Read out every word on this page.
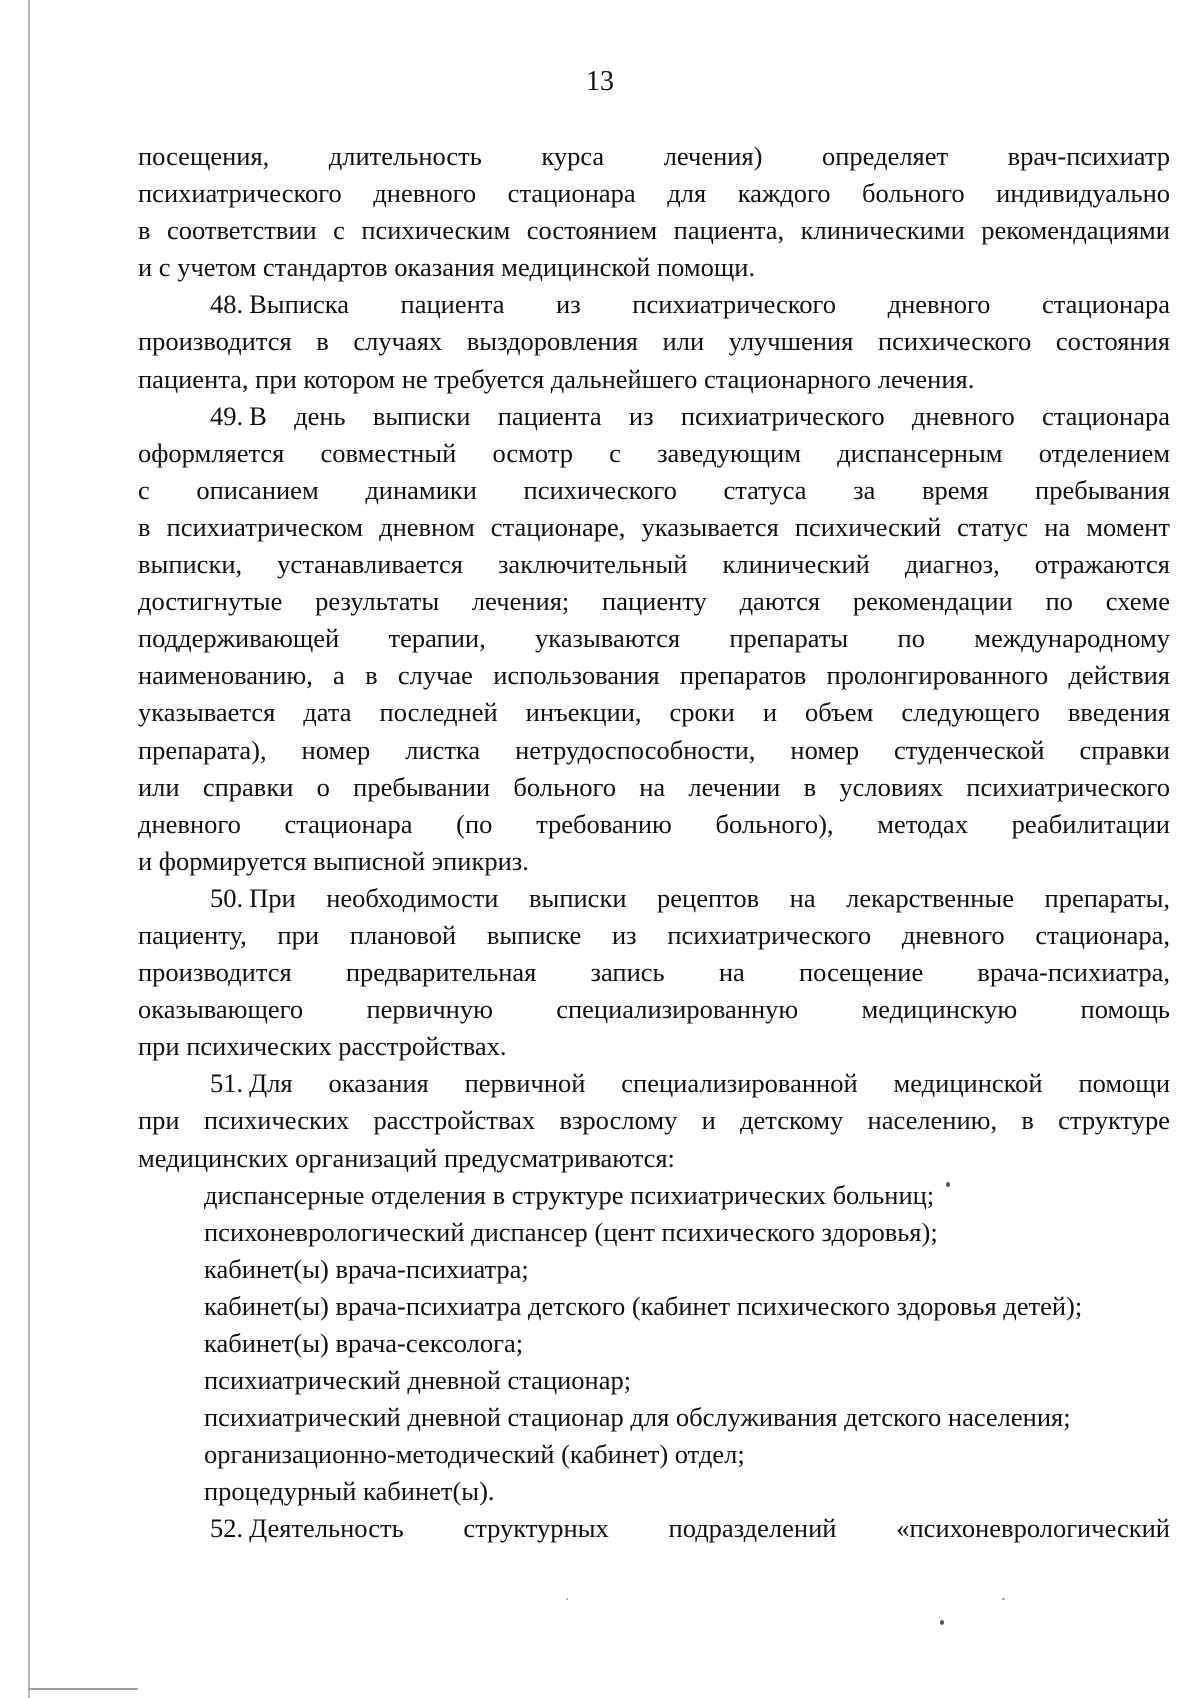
13
посещения, длительность курса лечения) определяет врач-психиатр
психиатрического дневного стационара для каждого больного индивидуально
в соответствии с психическим состоянием пациента, клиническими рекомендациями
и с учетом стандартов оказания медицинской помощи.
48. Выписка пациента из психиатрического дневного стационара
производится в случаях выздоровления или улучшения психического состояния
пациента, при котором не требуется дальнейшего стационарного лечения.
49. В день выписки пациента из психиатрического дневного стационара
оформляется совместный осмотр с заведующим диспансерным отделением
с описанием динамики психического статуса за время пребывания
в психиатрическом дневном стационаре, указывается психический статус на момент
выписки, устанавливается заключительный клинический диагноз, отражаются
достигнутые результаты лечения; пациенту даются рекомендации по схеме
поддерживающей терапии, указываются препараты по международному
наименованию, а в случае использования препаратов пролонгированного действия
указывается дата последней инъекции, сроки и объем следующего введения
препарата), номер листка нетрудоспособности, номер студенческой справки
или справки о пребывании больного на лечении в условиях психиатрического
дневного стационара (по требованию больного), методах реабилитации
и формируется выписной эпикриз.
50. При необходимости выписки рецептов на лекарственные препараты,
пациенту, при плановой выписке из психиатрического дневного стационара,
производится предварительная запись на посещение врача-психиатра,
оказывающего первичную специализированную медицинскую помощь
при психических расстройствах.
51. Для оказания первичной специализированной медицинской помощи
при психических расстройствах взрослому и детскому населению, в структуре
медицинских организаций предусматриваются:
диспансерные отделения в структуре психиатрических больниц;
психоневрологический диспансер (цент психического здоровья);
кабинет(ы) врача-психиатра;
кабинет(ы) врача-психиатра детского (кабинет психического здоровья детей);
кабинет(ы) врача-сексолога;
психиатрический дневной стационар;
психиатрический дневной стационар для обслуживания детского населения;
организационно-методический (кабинет) отдел;
процедурный кабинет(ы).
52. Деятельность структурных подразделений «психоневрологический
